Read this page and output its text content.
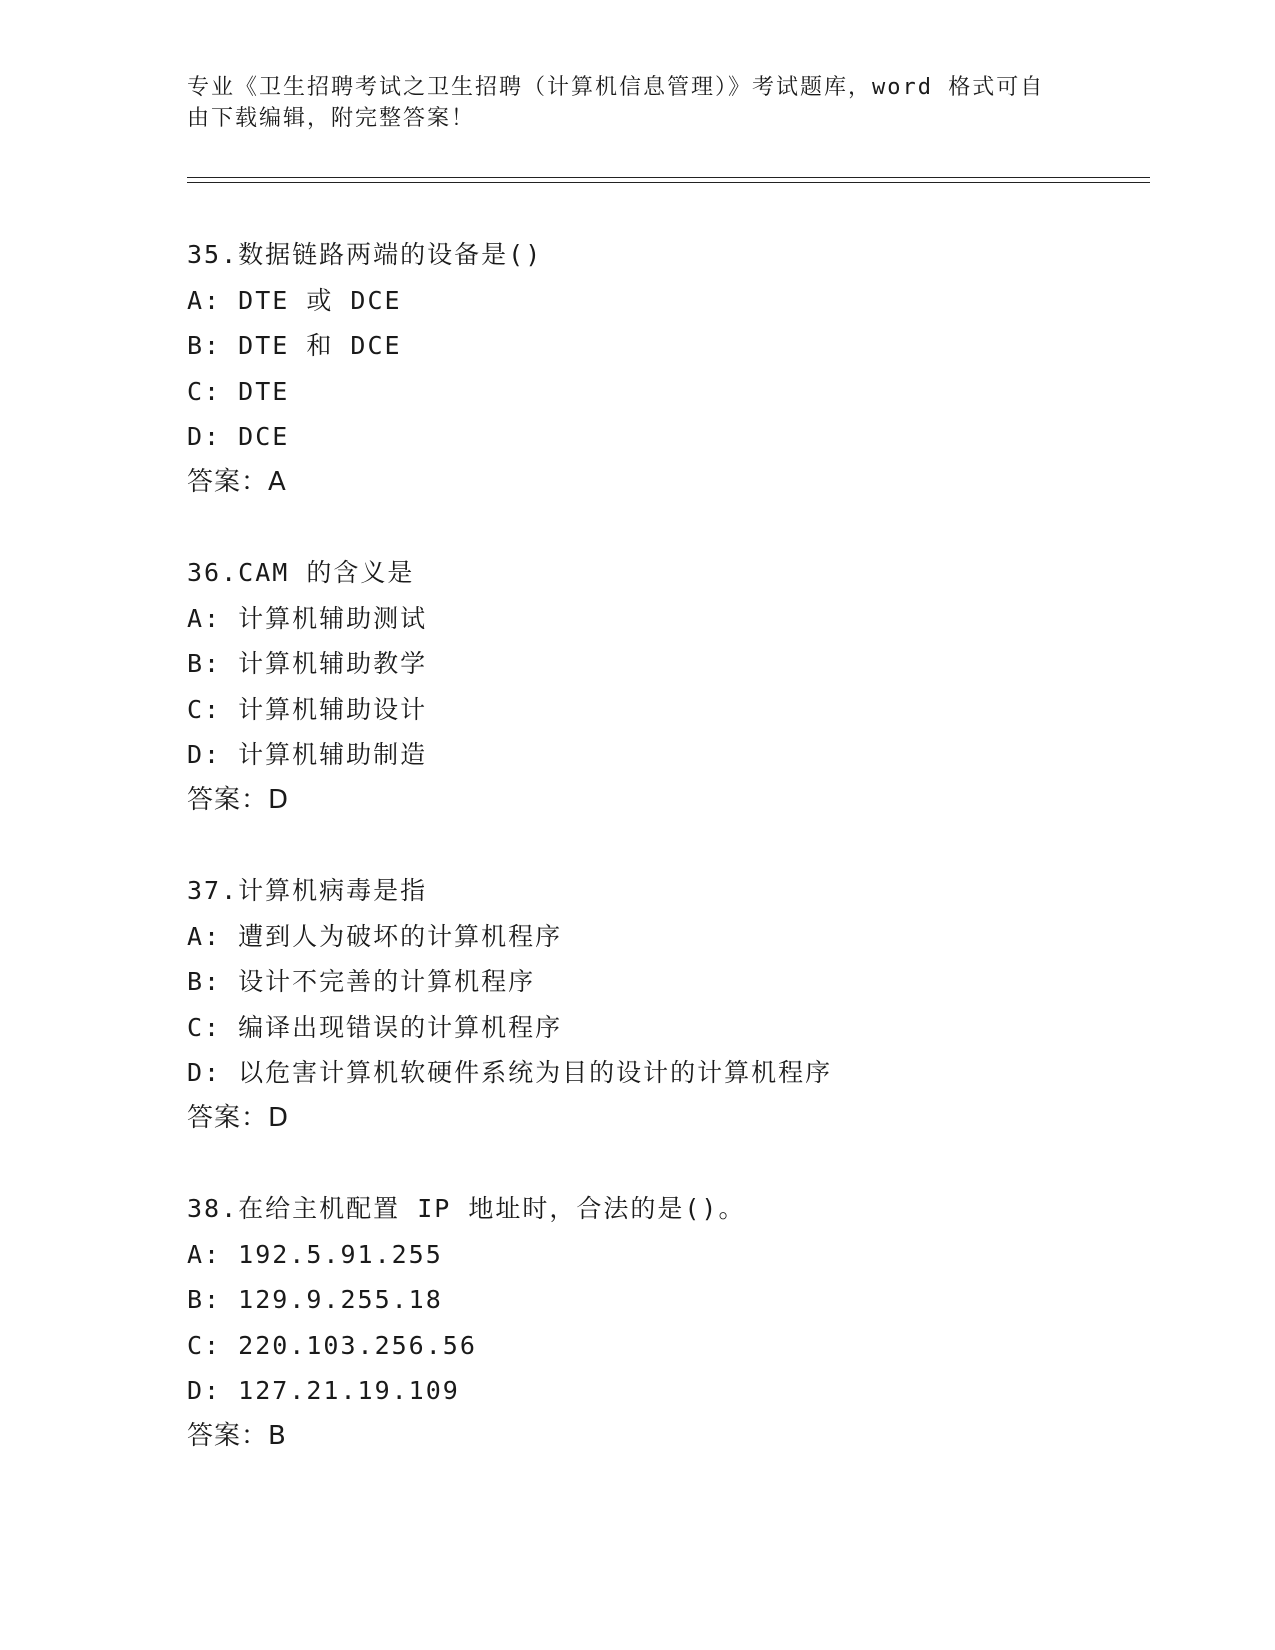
专业《卫生招聘考试之卫生招聘（计算机信息管理）》考试题库，word 格式可自
由下载编辑，附完整答案！
35.数据链路两端的设备是()
A: DTE 或 DCE
B: DTE 和 DCE
C: DTE
D: DCE
答案：A
36.CAM 的含义是
A: 计算机辅助测试
B: 计算机辅助教学
C: 计算机辅助设计
D: 计算机辅助制造
答案：D
37.计算机病毒是指
A: 遭到人为破坏的计算机程序
B: 设计不完善的计算机程序
C: 编译出现错误的计算机程序
D: 以危害计算机软硬件系统为目的设计的计算机程序
答案：D
38.在给主机配置 IP 地址时，合法的是()。
A: 192.5.91.255
B: 129.9.255.18
C: 220.103.256.56
D: 127.21.19.109
答案：B
